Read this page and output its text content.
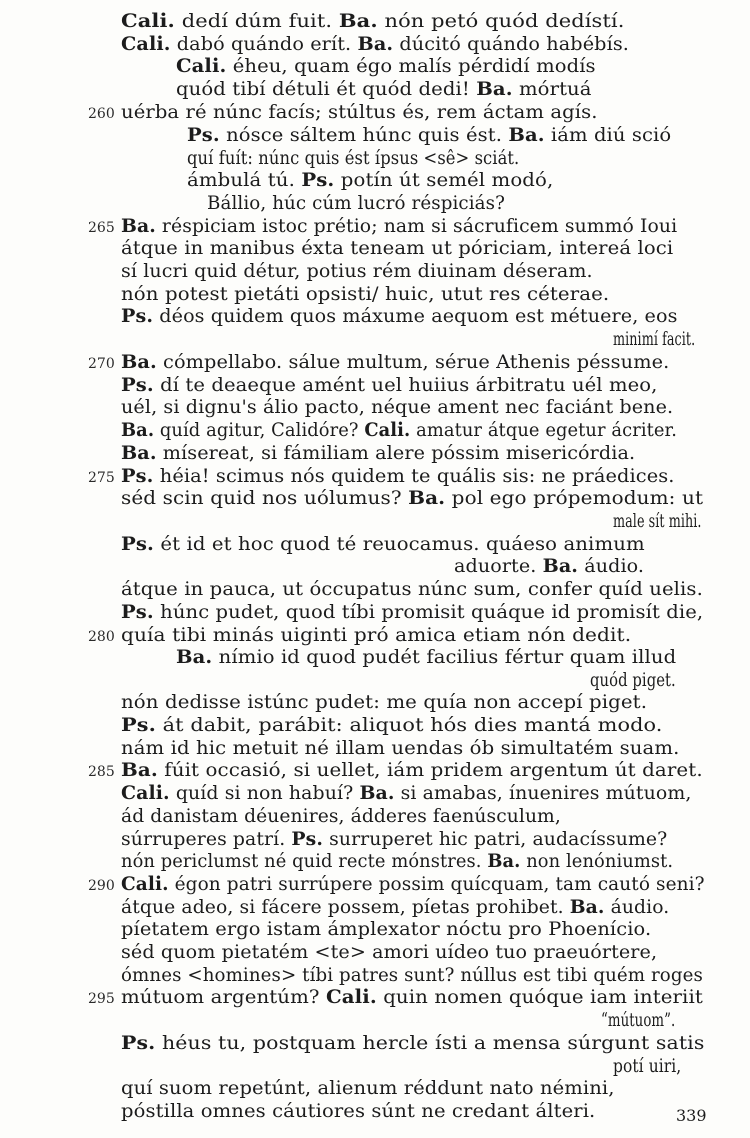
Cali. dedí dúm fuit. Ba. nón petó quód dedístí.
Cali. dabó quándo erít. Ba. dúcitó quándo habébís.
Cali. éheu, quam égo malís pérdidí modís
quód tibí détuli ét quód dedi! Ba. mórtuá
uérba ré núnc facís; stúltus és, rem áctam agís.
260
Ps. nósce sáltem húnc quis ést. Ba. iám diú sció
quí fuít: núnc quis ést ípsus <sê> sciát.
ámbulá tú. Ps. potín út semél modó,
Bállio, húc cúm lucró réspiciás?
Ba. réspiciam istoc prétio; nam si sácruficem summó Ioui
265
átque in manibus éxta teneam ut póriciam, intereá loci
sí lucri quid détur, potius rém diuinam déseram.
nón potest pietáti opsisti/ huic, utut res céterae.
Ps. déos quidem quos máxume aequom est métuere, eos
minimí facit.
Ba. cómpellabo. sálue multum, sérue Athenis péssume.
270
Ps. dí te deaeque amént uel huiius árbitratu uél meo,
uél, si dignu's álio pacto, néque ament nec faciánt bene.
Ba. quíd agitur, Calidóre? Cali. amatur átque egetur ácriter.
Ba. mísereat, si fámiliam alere póssim misericórdia.
Ps. héia! scimus nós quidem te quális sis: ne práedices.
275
séd scin quid nos uólumus? Ba. pol ego própemodum: ut
male sít mihi.
Ps. ét id et hoc quod té reuocamus. quáeso animum
aduorte. Ba. áudio.
átque in pauca, ut óccupatus núnc sum, confer quíd uelis.
Ps. húnc pudet, quod tíbi promisit quáque id promisít die,
quía tibi minás uiginti pró amica etiam nón dedit.
280
Ba. nímio id quod pudét facilius fértur quam illud
quód piget.
nón dedisse istúnc pudet: me quía non accepí piget.
Ps. át dabit, parábit: aliquot hós dies mantá modo.
nám id hic metuit né illam uendas ób simultatém suam.
Ba. fúit occasió, si uellet, iám pridem argentum út daret.
285
Cali. quíd si non habuí? Ba. si amabas, ínuenires mútuom,
ád danistam déuenires, ádderes faenúsculum,
súrruperes patrí. Ps. surruperet hic patri, audacíssume?
nón periclumst né quid recte mónstres. Ba. non lenóniumst.
Cali. égon patri surrúpere possim quícquam, tam cautó seni?
290
átque adeo, si fácere possem, píetas prohibet. Ba. áudio.
píetatem ergo istam ámplexator nóctu pro Phoenício.
séd quom pietatém <te> amori uídeo tuo praeuórtere,
ómnes <homines> tíbi patres sunt? núllus est tibi quém roges
mútuom argentúm? Cali. quin nomen quóque iam interiit
295
“mútuom”.
Ps. héus tu, postquam hercle ísti a mensa súrgunt satis
potí uiri,
quí suom repetúnt, alienum réddunt nato némini,
póstilla omnes cáutiores súnt ne credant álteri.	339
